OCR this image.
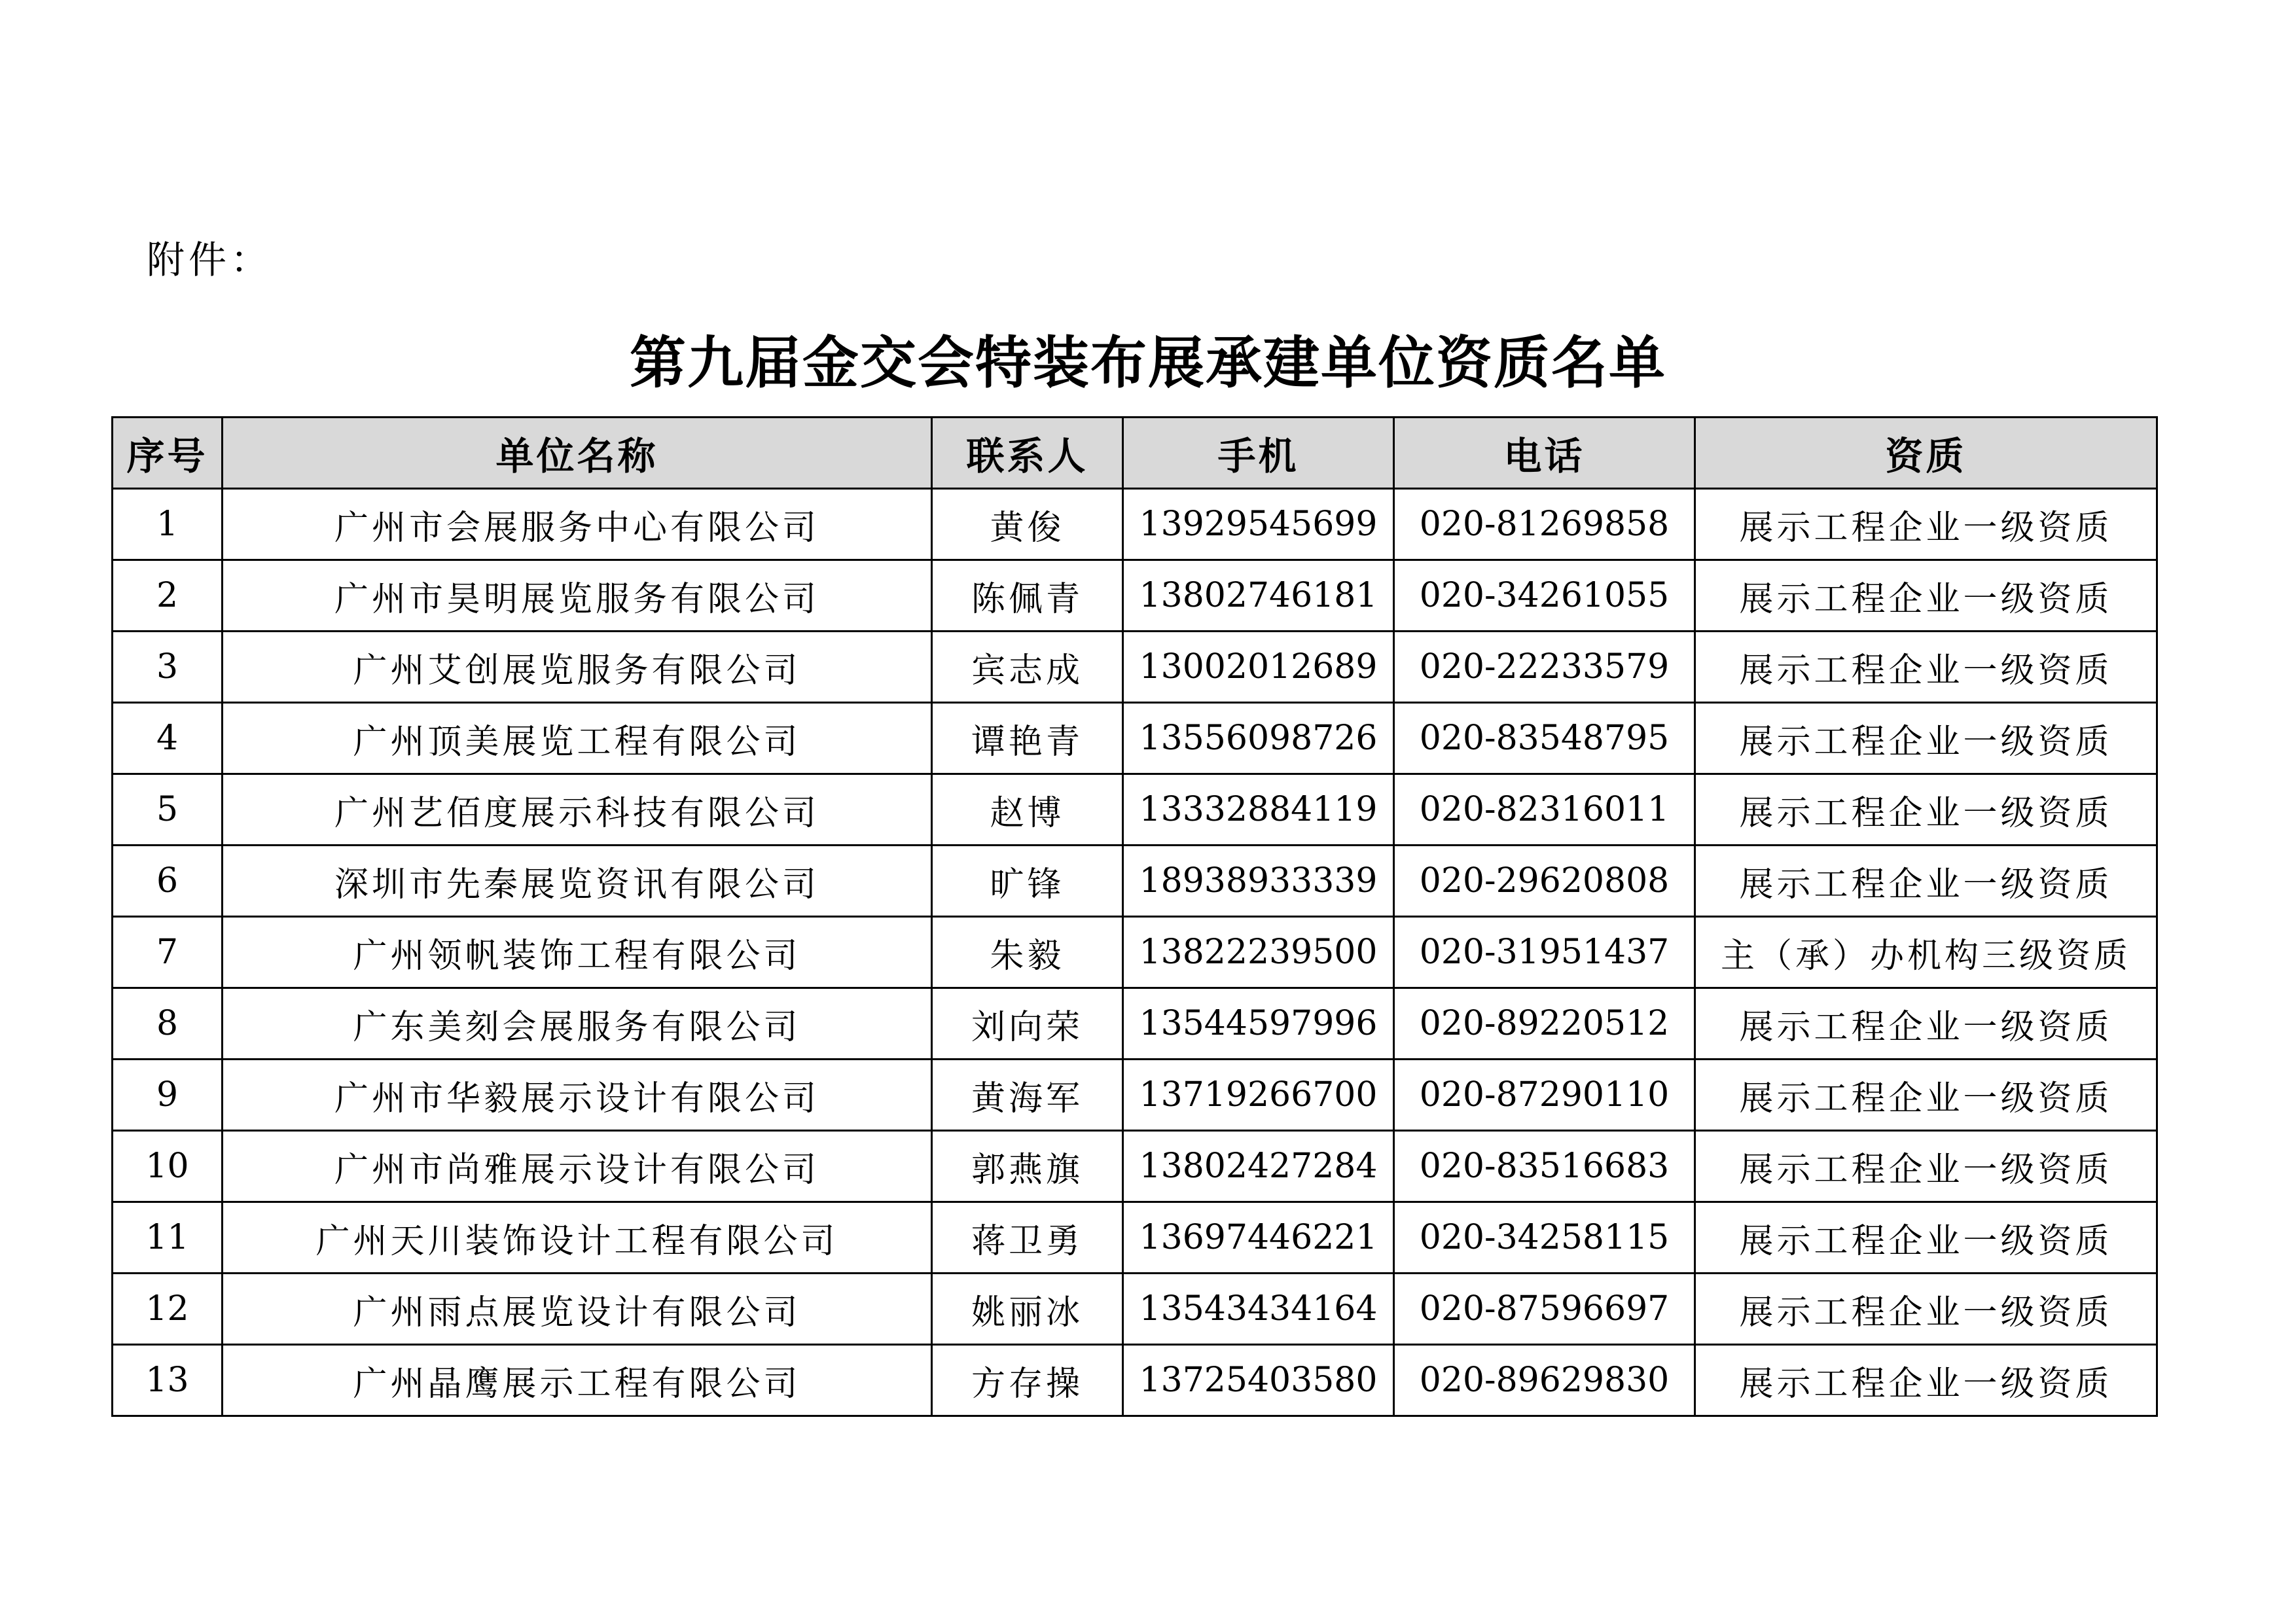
附件：
第九届金交会特装布展承建单位资质名单
序号	单位名称	联系人	手机	电话	资质
1	广州市会展服务中心有限公司	黄俊	13929545699	020-81269858	展示工程企业一级资质
2	广州市昊明展览服务有限公司	陈佩青	13802746181	020-34261055	展示工程企业一级资质
3	广州艾创展览服务有限公司	宾志成	13002012689	020-22233579	展示工程企业一级资质
4	广州顶美展览工程有限公司	谭艳青	13556098726	020-83548795	展示工程企业一级资质
5	广州艺佰度展示科技有限公司	赵博	13332884119	020-82316011	展示工程企业一级资质
6	深圳市先秦展览资讯有限公司	旷锋	18938933339	020-29620808	展示工程企业一级资质
7	广州领帆装饰工程有限公司	朱毅	13822239500	020-31951437	主（承）办机构三级资质
8	广东美刻会展服务有限公司	刘向荣	13544597996	020-89220512	展示工程企业一级资质
9	广州市华毅展示设计有限公司	黄海军	13719266700	020-87290110	展示工程企业一级资质
10	广州市尚雅展示设计有限公司	郭燕旗	13802427284	020-83516683	展示工程企业一级资质
11	广州天川装饰设计工程有限公司	蒋卫勇	13697446221	020-34258115	展示工程企业一级资质
12	广州雨点展览设计有限公司	姚丽冰	13543434164	020-87596697	展示工程企业一级资质
13	广州晶鹰展示工程有限公司	方存操	13725403580	020-89629830	展示工程企业一级资质
